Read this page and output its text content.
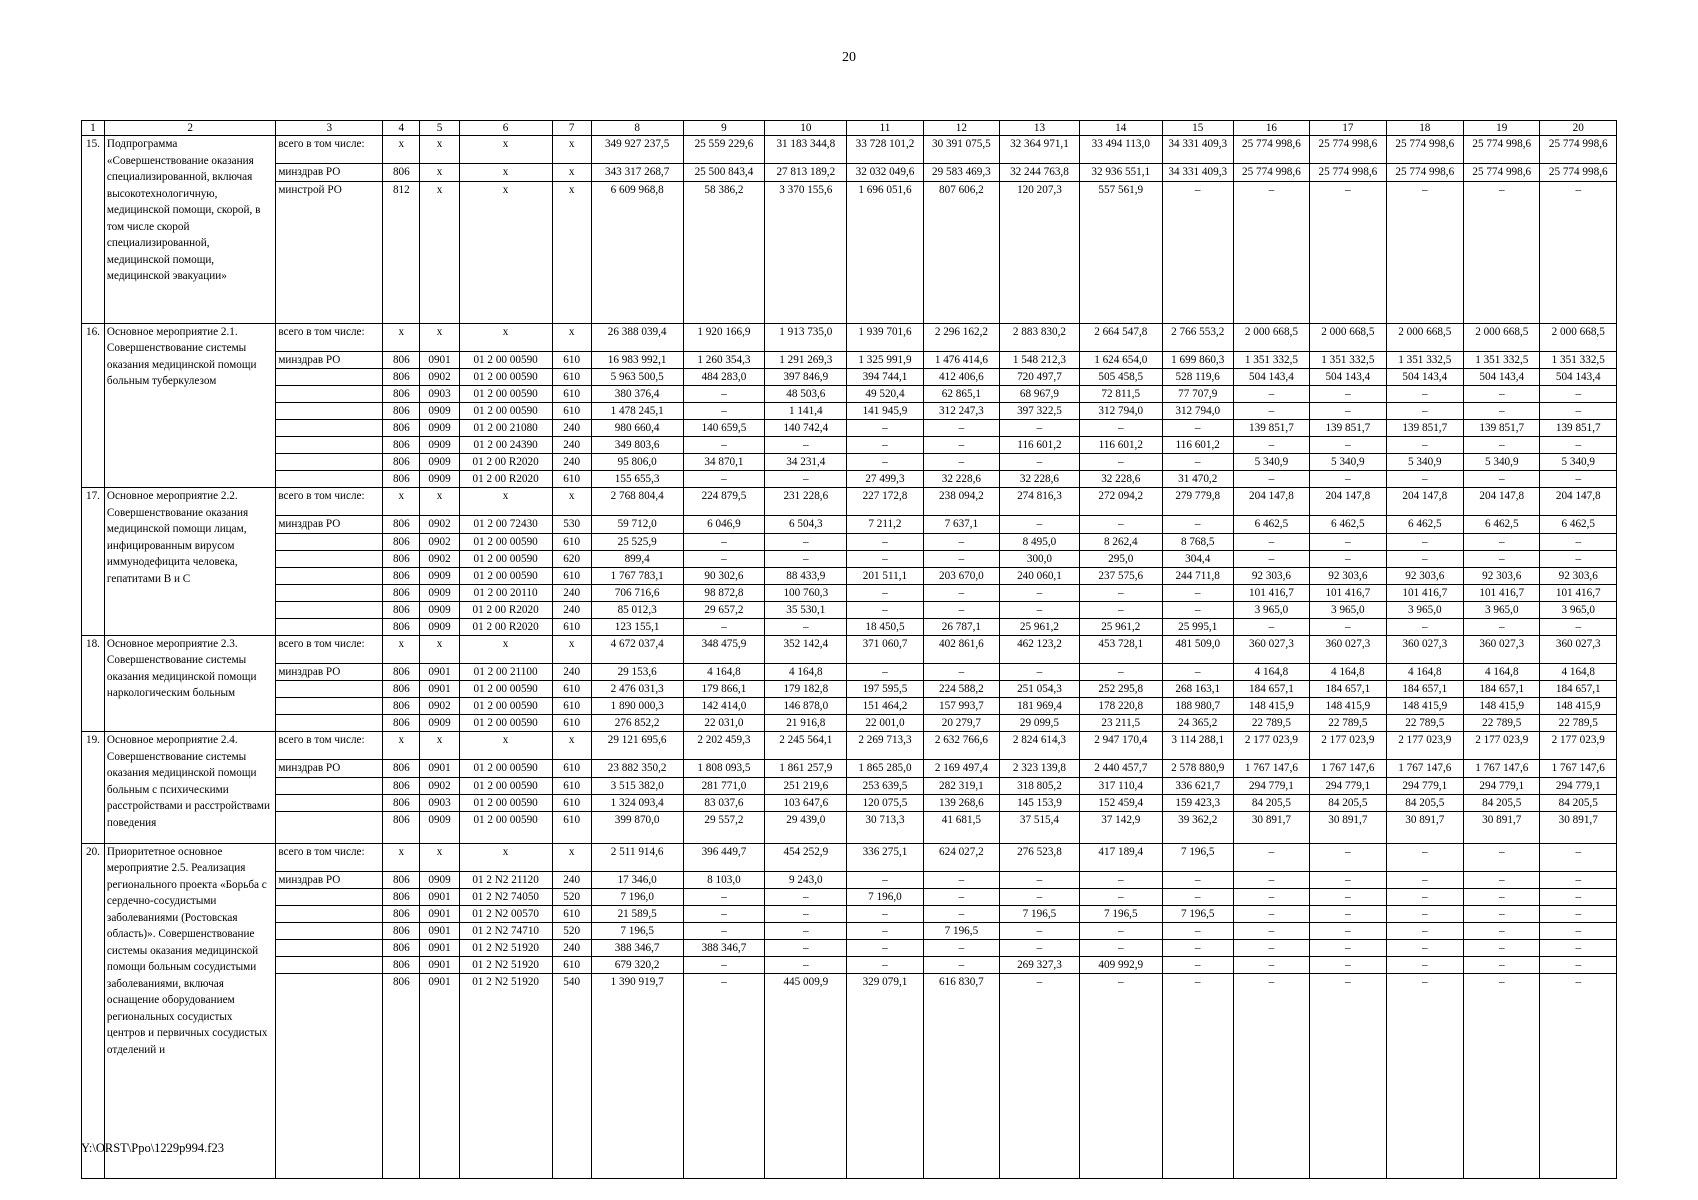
20
1	2	3	4	5	6	7	8	9	10	11	12	13	14	15	16	17	18	19	20
15.	Подпрограмма «Совершенствование оказания специализированной, включая высокотехнологичную, медицинской помощи, скорой, в том числе скорой специализированной, медицинской помощи, медицинской эвакуации»	всего в том числе:	х	х	х	х	349 927 237,5	25 559 229,6	31 183 344,8	33 728 101,2	30 391 075,5	32 364 971,1	33 494 113,0	34 331 409,3	25 774 998,6	25 774 998,6	25 774 998,6	25 774 998,6	25 774 998,6
		минздрав РО	806	х	х	х	343 317 268,7	25 500 843,4	27 813 189,2	32 032 049,6	29 583 469,3	32 244 763,8	32 936 551,1	34 331 409,3	25 774 998,6	25 774 998,6	25 774 998,6	25 774 998,6	25 774 998,6
		минстрой РО	812	х	х	х	6 609 968,8	58 386,2	3 370 155,6	1 696 051,6	807 606,2	120 207,3	557 561,9	–	–	–	–	–	–
16.	Основное мероприятие 2.1. Совершенствование системы оказания медицинской помощи больным туберкулезом	всего в том числе:	х	х	х	х	26 388 039,4	1 920 166,9	1 913 735,0	1 939 701,6	2 296 162,2	2 883 830,2	2 664 547,8	2 766 553,2	2 000 668,5	2 000 668,5	2 000 668,5	2 000 668,5	2 000 668,5
		минздрав РО	806	0901	01 2 00 00590	610	16 983 992,1	1 260 354,3	1 291 269,3	1 325 991,9	1 476 414,6	1 548 212,3	1 624 654,0	1 699 860,3	1 351 332,5	1 351 332,5	1 351 332,5	1 351 332,5	1 351 332,5
			806	0902	01 2 00 00590	610	5 963 500,5	484 283,0	397 846,9	394 744,1	412 406,6	720 497,7	505 458,5	528 119,6	504 143,4	504 143,4	504 143,4	504 143,4	504 143,4
			806	0903	01 2 00 00590	610	380 376,4	–	48 503,6	49 520,4	62 865,1	68 967,9	72 811,5	77 707,9	–	–	–	–	–
			806	0909	01 2 00 00590	610	1 478 245,1	–	1 141,4	141 945,9	312 247,3	397 322,5	312 794,0	312 794,0	–	–	–	–	–
			806	0909	01 2 00 21080	240	980 660,4	140 659,5	140 742,4	–	–	–	–	–	139 851,7	139 851,7	139 851,7	139 851,7	139 851,7
			806	0909	01 2 00 24390	240	349 803,6	–	–	–	–	116 601,2	116 601,2	116 601,2	–	–	–	–	–
			806	0909	01 2 00 R2020	240	95 806,0	34 870,1	34 231,4	–	–	–	–	–	5 340,9	5 340,9	5 340,9	5 340,9	5 340,9
			806	0909	01 2 00 R2020	610	155 655,3	–	–	27 499,3	32 228,6	32 228,6	32 228,6	31 470,2	–	–	–	–	–
17.	Основное мероприятие 2.2. Совершенствование оказания медицинской помощи лицам, инфицированным вирусом иммунодефицита человека, гепатитами В и С	всего в том числе:	х	х	х	х	2 768 804,4	224 879,5	231 228,6	227 172,8	238 094,2	274 816,3	272 094,2	279 779,8	204 147,8	204 147,8	204 147,8	204 147,8	204 147,8
		минздрав РО	806	0902	01 2 00 72430	530	59 712,0	6 046,9	6 504,3	7 211,2	7 637,1	–	–	–	6 462,5	6 462,5	6 462,5	6 462,5	6 462,5
			806	0902	01 2 00 00590	610	25 525,9	–	–	–	–	8 495,0	8 262,4	8 768,5	–	–	–	–	–
			806	0902	01 2 00 00590	620	899,4	–	–	–	–	300,0	295,0	304,4	–	–	–	–	–
			806	0909	01 2 00 00590	610	1 767 783,1	90 302,6	88 433,9	201 511,1	203 670,0	240 060,1	237 575,6	244 711,8	92 303,6	92 303,6	92 303,6	92 303,6	92 303,6
			806	0909	01 2 00 20110	240	706 716,6	98 872,8	100 760,3	–	–	–	–	–	101 416,7	101 416,7	101 416,7	101 416,7	101 416,7
			806	0909	01 2 00 R2020	240	85 012,3	29 657,2	35 530,1	–	–	–	–	–	3 965,0	3 965,0	3 965,0	3 965,0	3 965,0
			806	0909	01 2 00 R2020	610	123 155,1	–	–	18 450,5	26 787,1	25 961,2	25 961,2	25 995,1	–	–	–	–	–
18.	Основное мероприятие 2.3. Совершенствование системы оказания медицинской помощи наркологическим больным	всего в том числе:	х	х	х	х	4 672 037,4	348 475,9	352 142,4	371 060,7	402 861,6	462 123,2	453 728,1	481 509,0	360 027,3	360 027,3	360 027,3	360 027,3	360 027,3
		минздрав РО	806	0901	01 2 00 21100	240	29 153,6	4 164,8	4 164,8	–	–	–	–	–	4 164,8	4 164,8	4 164,8	4 164,8	4 164,8
			806	0901	01 2 00 00590	610	2 476 031,3	179 866,1	179 182,8	197 595,5	224 588,2	251 054,3	252 295,8	268 163,1	184 657,1	184 657,1	184 657,1	184 657,1	184 657,1
			806	0902	01 2 00 00590	610	1 890 000,3	142 414,0	146 878,0	151 464,2	157 993,7	181 969,4	178 220,8	188 980,7	148 415,9	148 415,9	148 415,9	148 415,9	148 415,9
			806	0909	01 2 00 00590	610	276 852,2	22 031,0	21 916,8	22 001,0	20 279,7	29 099,5	23 211,5	24 365,2	22 789,5	22 789,5	22 789,5	22 789,5	22 789,5
19.	Основное мероприятие 2.4. Совершенствование системы оказания медицинской помощи больным с психическими расстройствами и расстройствами поведения	всего в том числе:	х	х	х	х	29 121 695,6	2 202 459,3	2 245 564,1	2 269 713,3	2 632 766,6	2 824 614,3	2 947 170,4	3 114 288,1	2 177 023,9	2 177 023,9	2 177 023,9	2 177 023,9	2 177 023,9
		минздрав РО	806	0901	01 2 00 00590	610	23 882 350,2	1 808 093,5	1 861 257,9	1 865 285,0	2 169 497,4	2 323 139,8	2 440 457,7	2 578 880,9	1 767 147,6	1 767 147,6	1 767 147,6	1 767 147,6	1 767 147,6
			806	0902	01 2 00 00590	610	3 515 382,0	281 771,0	251 219,6	253 639,5	282 319,1	318 805,2	317 110,4	336 621,7	294 779,1	294 779,1	294 779,1	294 779,1	294 779,1
			806	0903	01 2 00 00590	610	1 324 093,4	83 037,6	103 647,6	120 075,5	139 268,6	145 153,9	152 459,4	159 423,3	84 205,5	84 205,5	84 205,5	84 205,5	84 205,5
			806	0909	01 2 00 00590	610	399 870,0	29 557,2	29 439,0	30 713,3	41 681,5	37 515,4	37 142,9	39 362,2	30 891,7	30 891,7	30 891,7	30 891,7	30 891,7
20.	Приоритетное основное мероприятие 2.5. Реализация регионального проекта «Борьба с сердечно-сосудистыми заболеваниями (Ростовская область)». Совершенствование системы оказания медицинской помощи больным сосудистыми заболеваниями, включая оснащение оборудованием региональных сосудистых центров и первичных сосудистых отделений и	всего в том числе:	х	х	х	х	2 511 914,6	396 449,7	454 252,9	336 275,1	624 027,2	276 523,8	417 189,4	7 196,5	–	–	–	–	–
		минздрав РО	806	0909	01 2 N2 21120	240	17 346,0	8 103,0	9 243,0	–	–	–	–	–	–	–	–	–	–
			806	0901	01 2 N2 74050	520	7 196,0	–	–	7 196,0	–	–	–	–	–	–	–	–	–
			806	0901	01 2 N2 00570	610	21 589,5	–	–	–	–	7 196,5	7 196,5	7 196,5	–	–	–	–	–
			806	0901	01 2 N2 74710	520	7 196,5	–	–	–	7 196,5	–	–	–	–	–	–	–	–
			806	0901	01 2 N2 51920	240	388 346,7	388 346,7	–	–	–	–	–	–	–	–	–	–	–
			806	0901	01 2 N2 51920	610	679 320,2	–	–	–	–	269 327,3	409 992,9	–	–	–	–	–	–
			806	0901	01 2 N2 51920	540	1 390 919,7	–	445 009,9	329 079,1	616 830,7	–	–	–	–	–	–	–	–
Y:\ORST\Ppo\1229p994.f23
